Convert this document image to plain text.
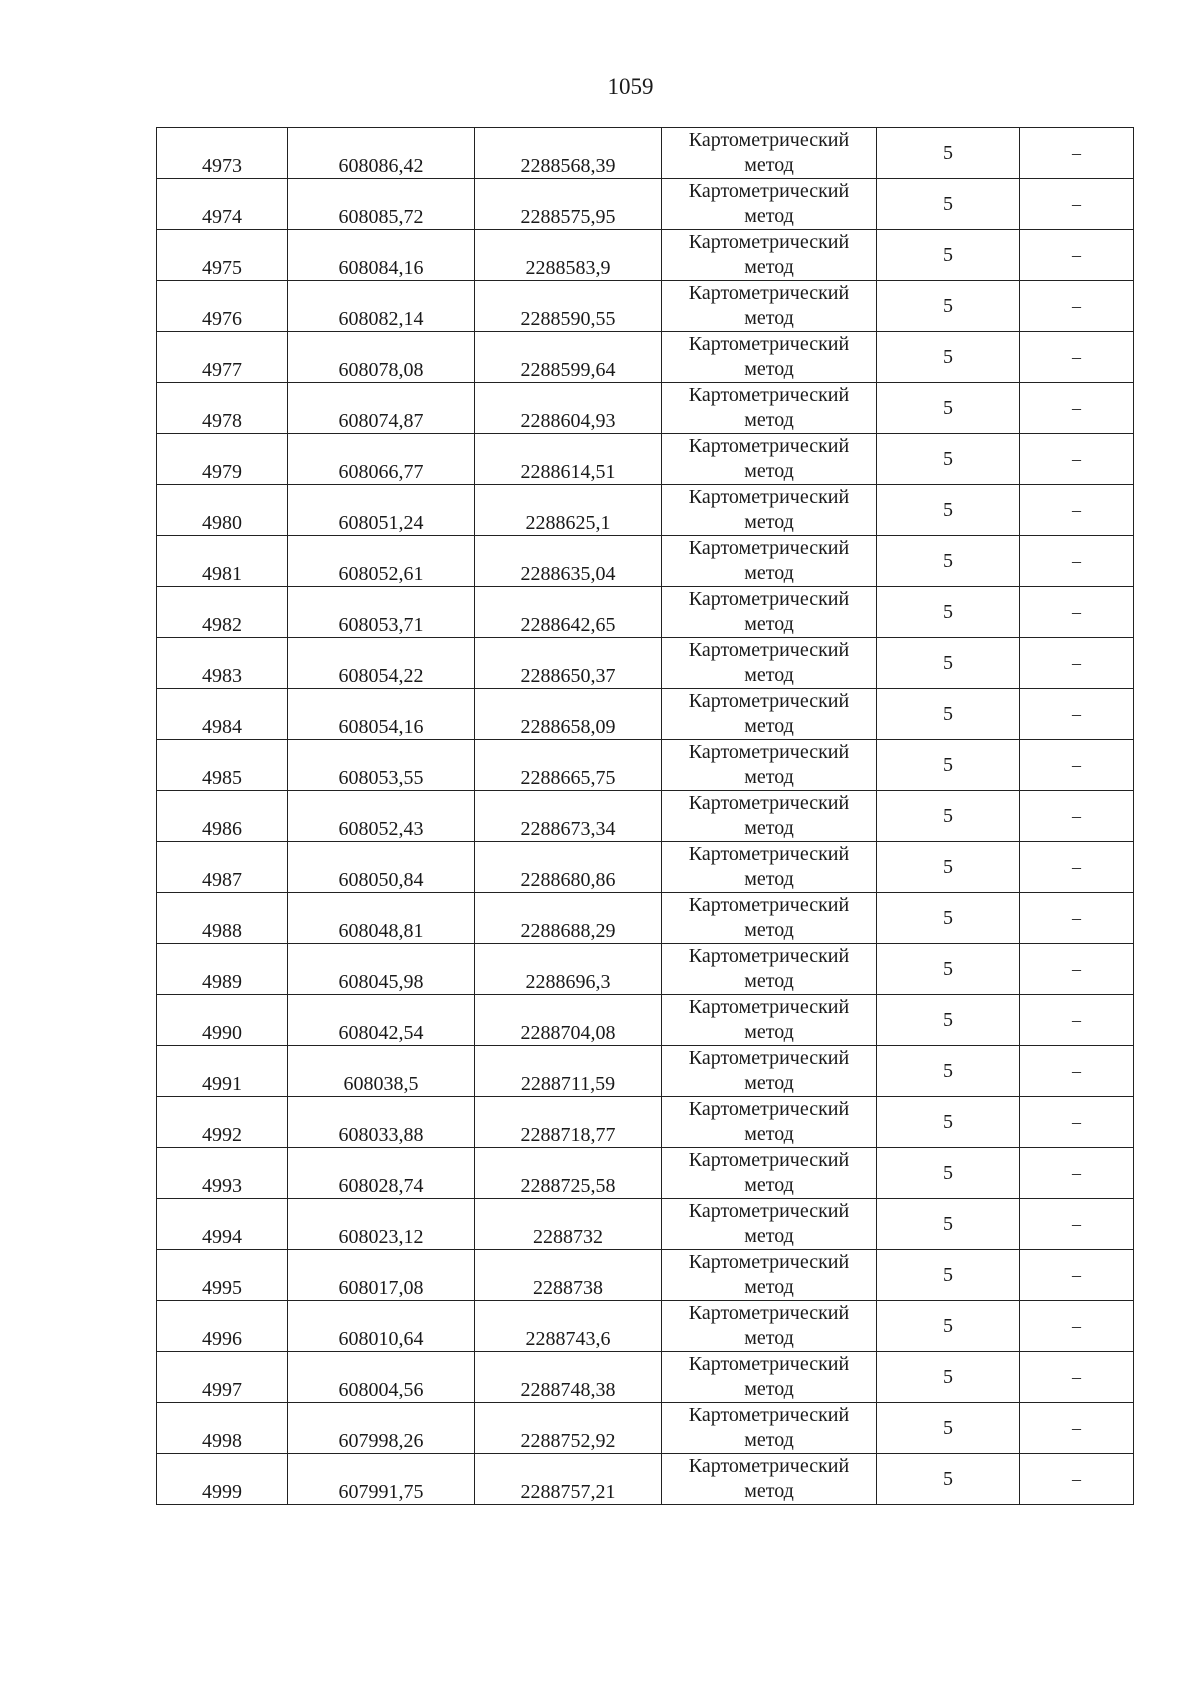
1059
4973	608086,42	2288568,39	Картометрический
метод	5	–

4974	608085,72	2288575,95	Картометрический
метод	5	–

4975	608084,16	2288583,9	Картометрический
метод	5	–

4976	608082,14	2288590,55	Картометрический
метод	5	–

4977	608078,08	2288599,64	Картометрический
метод	5	–

4978	608074,87	2288604,93	Картометрический
метод	5	–

4979	608066,77	2288614,51	Картометрический
метод	5	–

4980	608051,24	2288625,1	Картометрический
метод	5	–

4981	608052,61	2288635,04	Картометрический
метод	5	–

4982	608053,71	2288642,65	Картометрический
метод	5	–

4983	608054,22	2288650,37	Картометрический
метод	5	–

4984	608054,16	2288658,09	Картометрический
метод	5	–

4985	608053,55	2288665,75	Картометрический
метод	5	–

4986	608052,43	2288673,34	Картометрический
метод	5	–

4987	608050,84	2288680,86	Картометрический
метод	5	–

4988	608048,81	2288688,29	Картометрический
метод	5	–

4989	608045,98	2288696,3	Картометрический
метод	5	–

4990	608042,54	2288704,08	Картометрический
метод	5	–

4991	608038,5	2288711,59	Картометрический
метод	5	–

4992	608033,88	2288718,77	Картометрический
метод	5	–

4993	608028,74	2288725,58	Картометрический
метод	5	–

4994	608023,12	2288732	Картометрический
метод	5	–

4995	608017,08	2288738	Картометрический
метод	5	–

4996	608010,64	2288743,6	Картометрический
метод	5	–

4997	608004,56	2288748,38	Картометрический
метод	5	–

4998	607998,26	2288752,92	Картометрический
метод	5	–

4999	607991,75	2288757,21	Картометрический
метод	5	–
